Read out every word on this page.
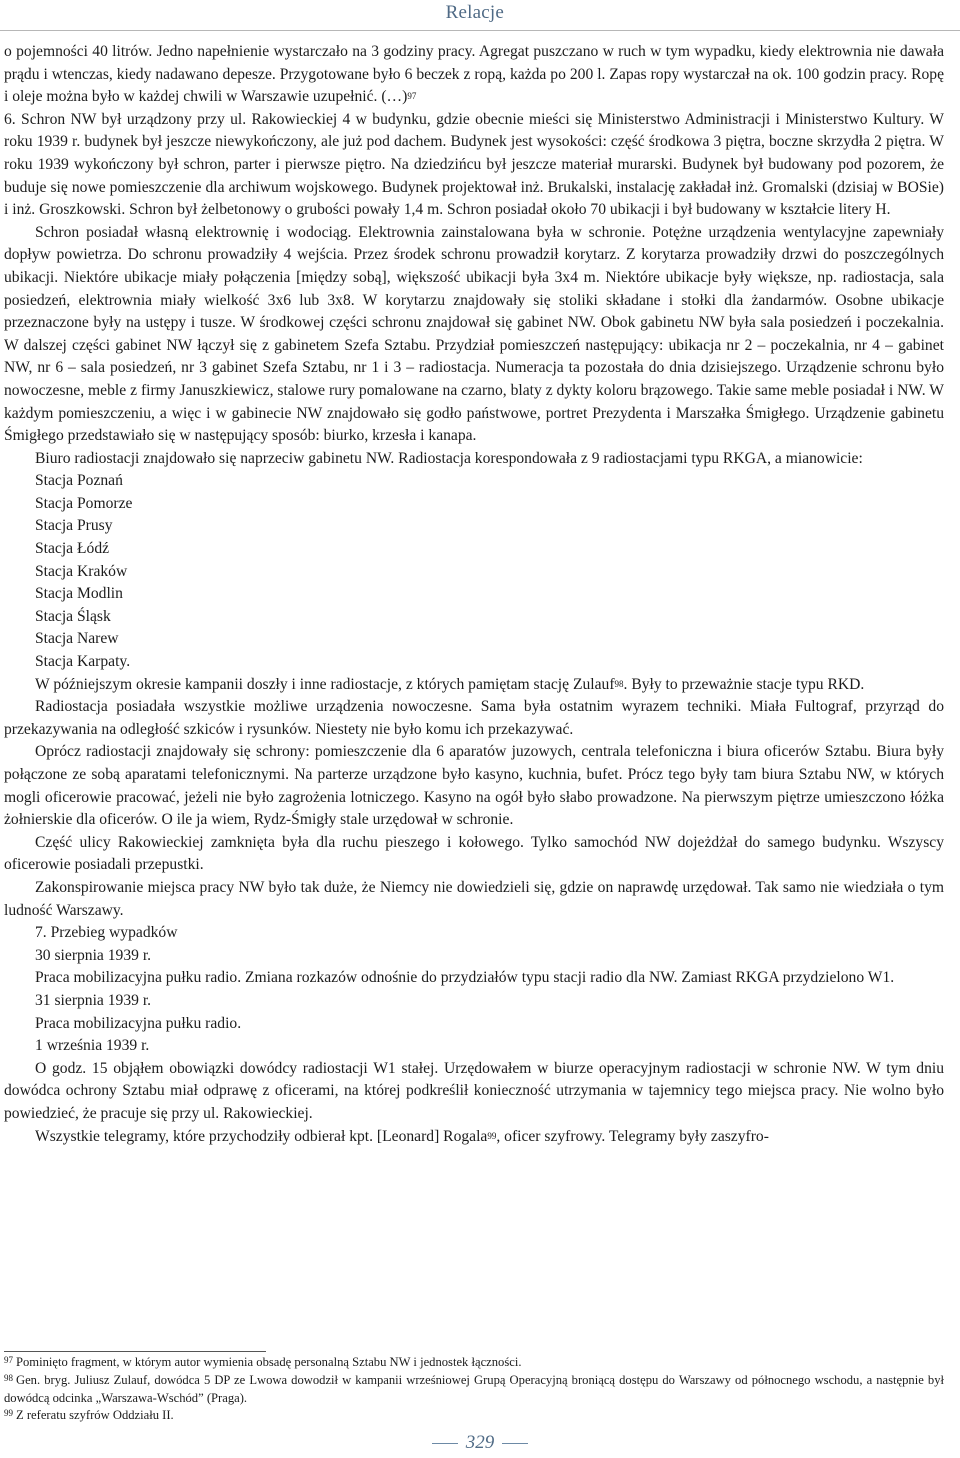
Relacje

o pojemności 40 litrów. Jedno napełnienie wystarczało na 3 godziny pracy. Agregat puszczano w ruch w tym wypadku, kiedy elektrownia nie dawała prądu i wtenczas, kiedy nadawano depesze. Przygotowane było 6 beczek z ropą, każda po 200 l. Zapas ropy wystarczał na ok. 100 godzin pracy. Ropę i oleje można było w każdej chwili w Warszawie uzupełnić. (…)$^{97}$

6. Schron NW był urządzony przy ul. Rakowieckiej 4 w budynku, gdzie obecnie mieści się Ministerstwo Administracji i Ministerstwo Kultury. W roku 1939 r. budynek był jeszcze niewykończony, ale już pod dachem. Budynek jest wysokości: część środkowa 3 piętra, boczne skrzydła 2 piętra. W roku 1939 wykończony był schron, parter i pierwsze piętro. Na dziedzińcu był jeszcze materiał murarski. Budynek był budowany pod pozorem, że buduje się nowe pomieszczenie dla archiwum wojskowego. Budynek projektował inż. Brukalski, instalację zakładał inż. Gromalski (dzisiaj w BOSie) i inż. Groszkowski. Schron był żelbetonowy o grubości powały 1,4 m. Schron posiadał około 70 ubikacji i był budowany w kształcie litery H.

Schron posiadał własną elektrownię i wodociąg. Elektrownia zainstalowana była w schronie. Potężne urządzenia wentylacyjne zapewniały dopływ powietrza. Do schronu prowadziły 4 wejścia. Przez środek schronu prowadził korytarz. Z korytarza prowadziły drzwi do poszczególnych ubikacji. Niektóre ubikacje miały połączenia [między sobą], większość ubikacji była 3x4 m. Niektóre ubikacje były większe, np. radiostacja, sala posiedzeń, elektrownia miały wielkość 3x6 lub 3x8. W korytarzu znajdowały się stoliki składane i stołki dla żandarmów. Osobne ubikacje przeznaczone były na ustępy i tusze. W środkowej części schronu znajdował się gabinet NW. Obok gabinetu NW była sala posiedzeń i poczekalnia. W dalszej części gabinet NW łączył się z gabinetem Szefa Sztabu. Przydział pomieszczeń następujący: ubikacja nr 2 – poczekalnia, nr 4 – gabinet NW, nr 6 – sala posiedzeń, nr 3 gabinet Szefa Sztabu, nr 1 i 3 – radiostacja. Numeracja ta pozostała do dnia dzisiejszego. Urządzenie schronu było nowoczesne, meble z firmy Januszkiewicz, stalowe rury pomalowane na czarno, blaty z dykty koloru brązowego. Takie same meble posiadał i NW. W każdym pomieszczeniu, a więc i w gabinecie NW znajdowało się godło państwowe, portret Prezydenta i Marszałka Śmigłego. Urządzenie gabinetu Śmigłego przedstawiało się w następujący sposób: biurko, krzesła i kanapa.

Biuro radiostacji znajdowało się naprzeciw gabinetu NW. Radiostacja korespondowała z 9 radiostacjami typu RKGA, a mianowicie:

Stacja Poznań

Stacja Pomorze

Stacja Prusy

Stacja Łódź

Stacja Kraków

Stacja Modlin

Stacja Śląsk

Stacja Narew

Stacja Karpaty.

W późniejszym okresie kampanii doszły i inne radiostacje, z których pamiętam stację Zulauf$^{98}$. Były to przeważnie stacje typu RKD.

Radiostacja posiadała wszystkie możliwe urządzenia nowoczesne. Sama była ostatnim wyrazem techniki. Miała Fultograf, przyrząd do przekazywania na odległość szkiców i rysunków. Niestety nie było komu ich przekazywać.

Oprócz radiostacji znajdowały się schrony: pomieszczenie dla 6 aparatów juzowych, centrala telefoniczna i biura oficerów Sztabu. Biura były połączone ze sobą aparatami telefonicznymi. Na parterze urządzone było kasyno, kuchnia, bufet. Prócz tego były tam biura Sztabu NW, w których mogli oficerowie pracować, jeżeli nie było zagrożenia lotniczego. Kasyno na ogół było słabo prowadzone. Na pierwszym piętrze umieszczono łóżka żołnierskie dla oficerów. O ile ja wiem, Rydz-Śmigły stale urzędował w schronie.

Część ulicy Rakowieckiej zamknięta była dla ruchu pieszego i kołowego. Tylko samochód NW dojeżdżał do samego budynku. Wszyscy oficerowie posiadali przepustki.

Zakonspirowanie miejsca pracy NW było tak duże, że Niemcy nie dowiedzieli się, gdzie on naprawdę urzędował. Tak samo nie wiedziała o tym ludność Warszawy.

7. Przebieg wypadków

30 sierpnia 1939 r.

Praca mobilizacyjna pułku radio. Zmiana rozkazów odnośnie do przydziałów typu stacji radio dla NW. Zamiast RKGA przydzielono W1.

31 sierpnia 1939 r.

Praca mobilizacyjna pułku radio.

1 września 1939 r.

O godz. 15 objąłem obowiązki dowódcy radiostacji W1 stałej. Urzędowałem w biurze operacyjnym radiostacji w schronie NW. W tym dniu dowódca ochrony Sztabu miał odprawę z oficerami, na której podkreślił konieczność utrzymania w tajemnicy tego miejsca pracy. Nie wolno było powiedzieć, że pracuje się przy ul. Rakowieckiej.

Wszystkie telegramy, które przychodziły odbierał kpt. [Leonard] Rogala$^{99}$, oficer szyfrowy. Telegramy były zaszyfro-

$^{97}$ Pominięto fragment, w którym autor wymienia obsadę personalną Sztabu NW i jednostek łączności.

$^{98}$ Gen. bryg. Juliusz Zulauf, dowódca 5 DP ze Lwowa dowodził w kampanii wrześniowej Grupą Operacyjną broniącą dostępu do Warszawy od północnego wschodu, a następnie był dowódcą odcinka „Warszawa-Wschód” (Praga).

$^{99}$ Z referatu szyfrów Oddziału II.

329
